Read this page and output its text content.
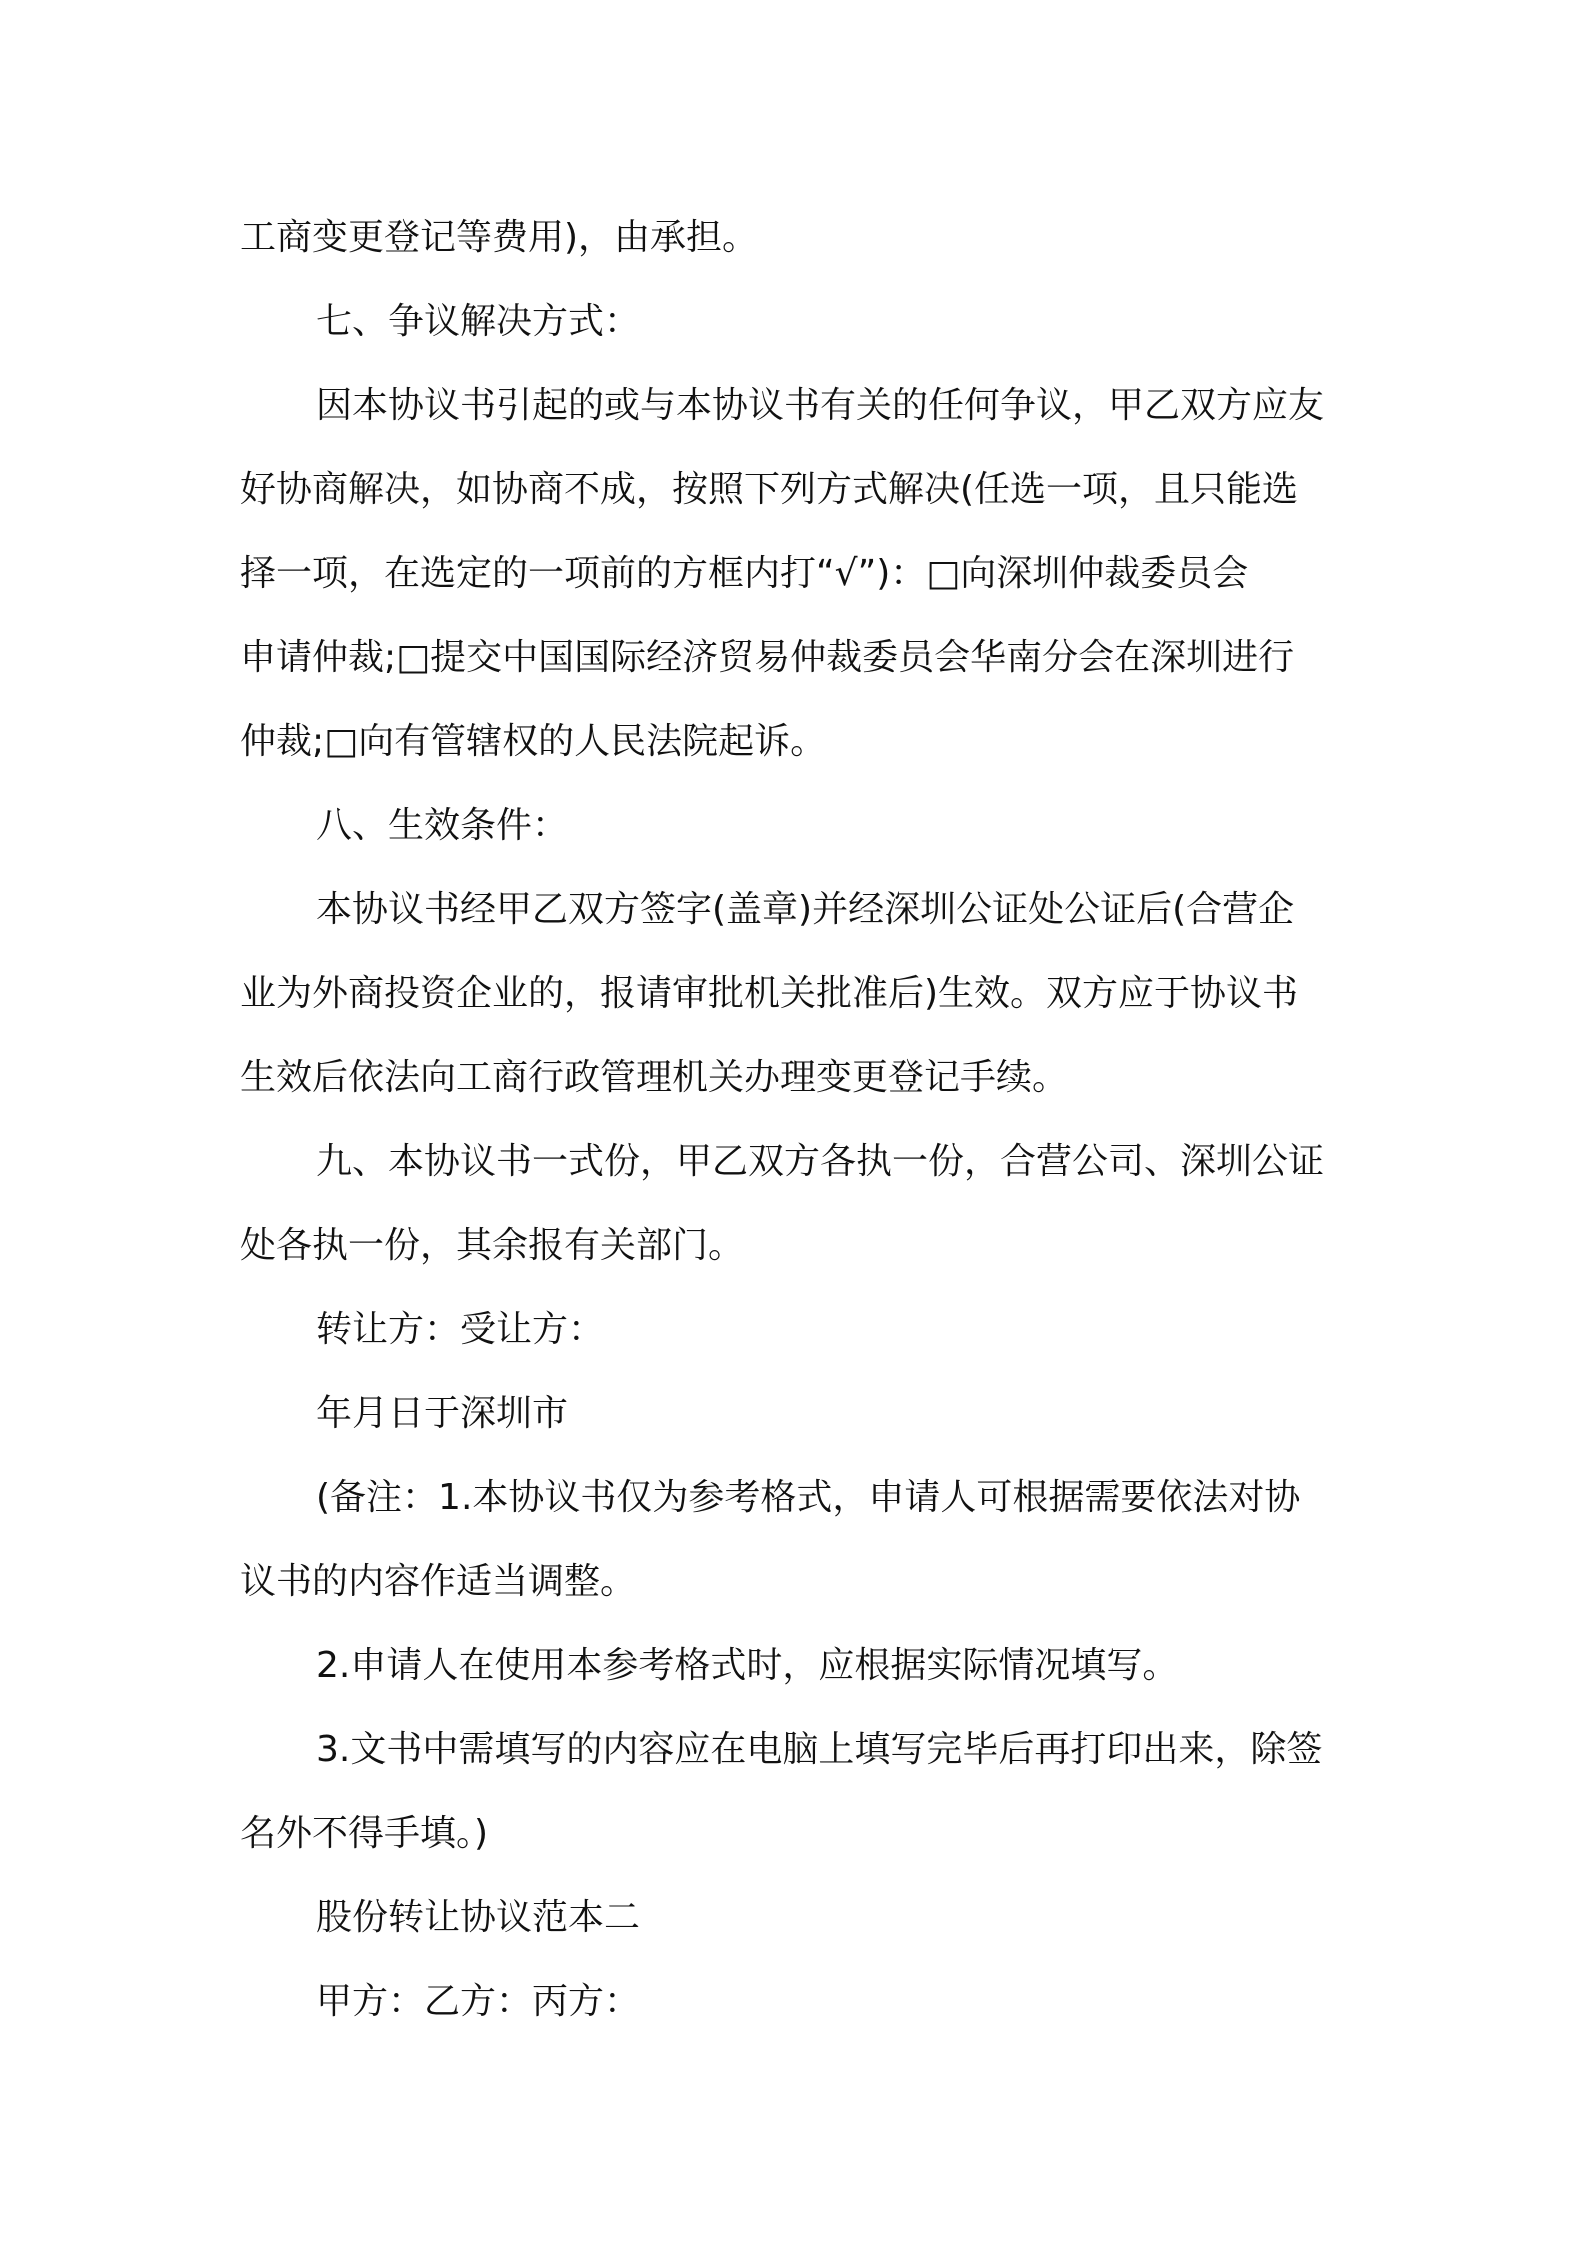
工商变更登记等费用)，由承担。

七、争议解决方式：

因本协议书引起的或与本协议书有关的任何争议，甲乙双方应友

好协商解决，如协商不成，按照下列方式解决(任选一项，且只能选

择一项，在选定的一项前的方框内打“√”)：□向深圳仲裁委员会

申请仲裁;□提交中国国际经济贸易仲裁委员会华南分会在深圳进行

仲裁;□向有管辖权的人民法院起诉。

八、生效条件：

本协议书经甲乙双方签字(盖章)并经深圳公证处公证后(合营企

业为外商投资企业的，报请审批机关批准后)生效。双方应于协议书

生效后依法向工商行政管理机关办理变更登记手续。

九、本协议书一式份，甲乙双方各执一份，合营公司、深圳公证

处各执一份，其余报有关部门。

转让方：受让方：

年月日于深圳市

(备注：1.本协议书仅为参考格式，申请人可根据需要依法对协

议书的内容作适当调整。

2.申请人在使用本参考格式时，应根据实际情况填写。

3.文书中需填写的内容应在电脑上填写完毕后再打印出来，除签

名外不得手填。)

股份转让协议范本二

甲方：乙方：丙方：
